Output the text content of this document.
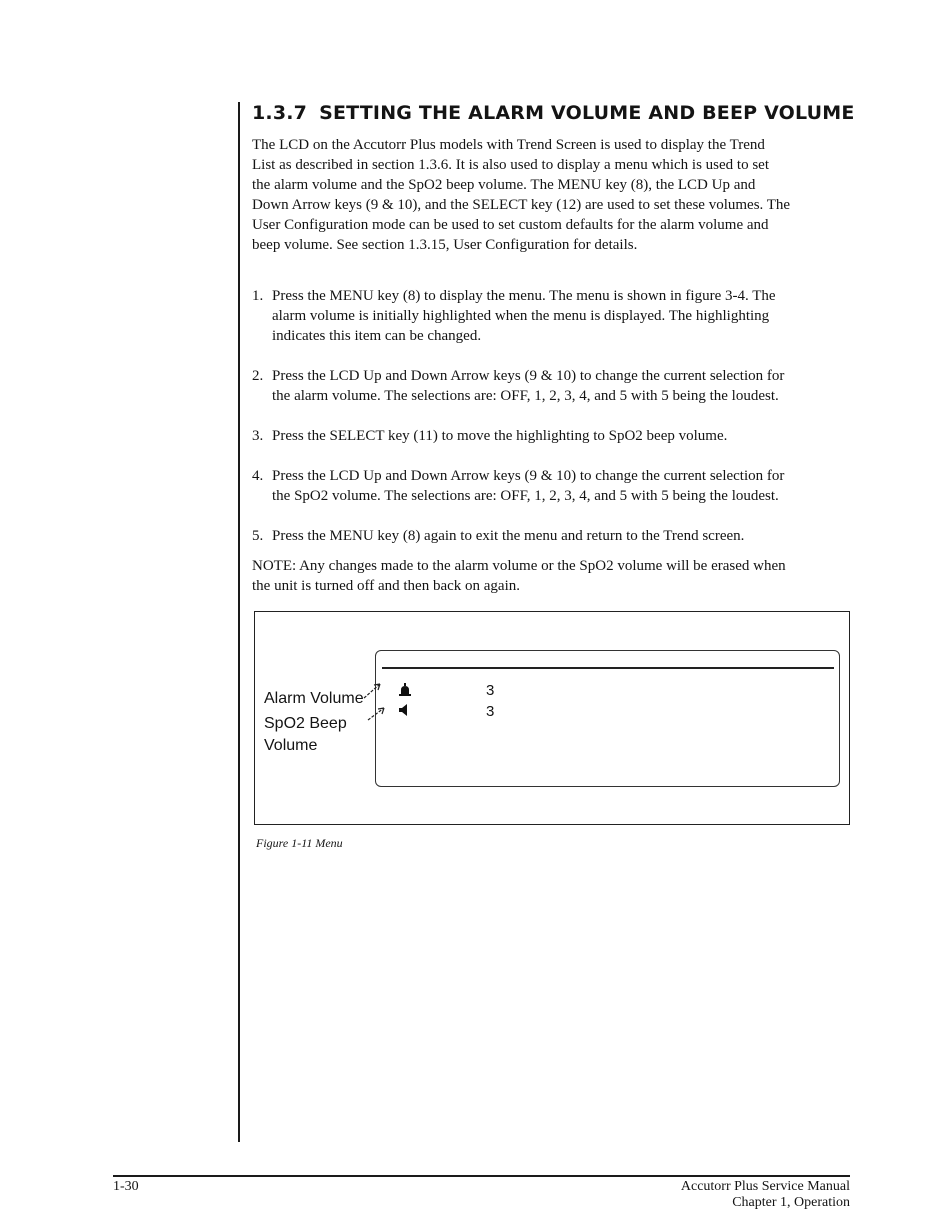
1.3.7 SETTING THE ALARM VOLUME AND BEEP VOLUME
The LCD on the Accutorr Plus models with Trend Screen is used to display the Trend
List as described in section 1.3.6. It is also used to display a menu which is used to set
the alarm volume and the SpO2 beep volume. The MENU key (8), the LCD Up and
Down Arrow keys (9 & 10), and the SELECT key (12) are used to set these volumes. The
User Configuration mode can be used to set custom defaults for the alarm volume and
beep volume. See section 1.3.15, User Configuration for details.
1. Press the MENU key (8) to display the menu. The menu is shown in figure 3-4. The
alarm volume is initially highlighted when the menu is displayed. The highlighting
indicates this item can be changed.
2. Press the LCD Up and Down Arrow keys (9 & 10) to change the current selection for
the alarm volume. The selections are: OFF, 1, 2, 3, 4, and 5 with 5 being the loudest.
3. Press the SELECT key (11) to move the highlighting to SpO2 beep volume.
4. Press the LCD Up and Down Arrow keys (9 & 10) to change the current selection for
the SpO2 volume. The selections are: OFF, 1, 2, 3, 4, and 5 with 5 being the loudest.
5. Press the MENU key (8) again to exit the menu and return to the Trend screen.
NOTE: Any changes made to the alarm volume or the SpO2 volume will be erased when
the unit is turned off and then back on again.
Alarm Volume
SpO2 Beep
Volume
3
3
Figure 1-11 Menu
1-30	Accutorr Plus Service Manual
Chapter 1, Operation
